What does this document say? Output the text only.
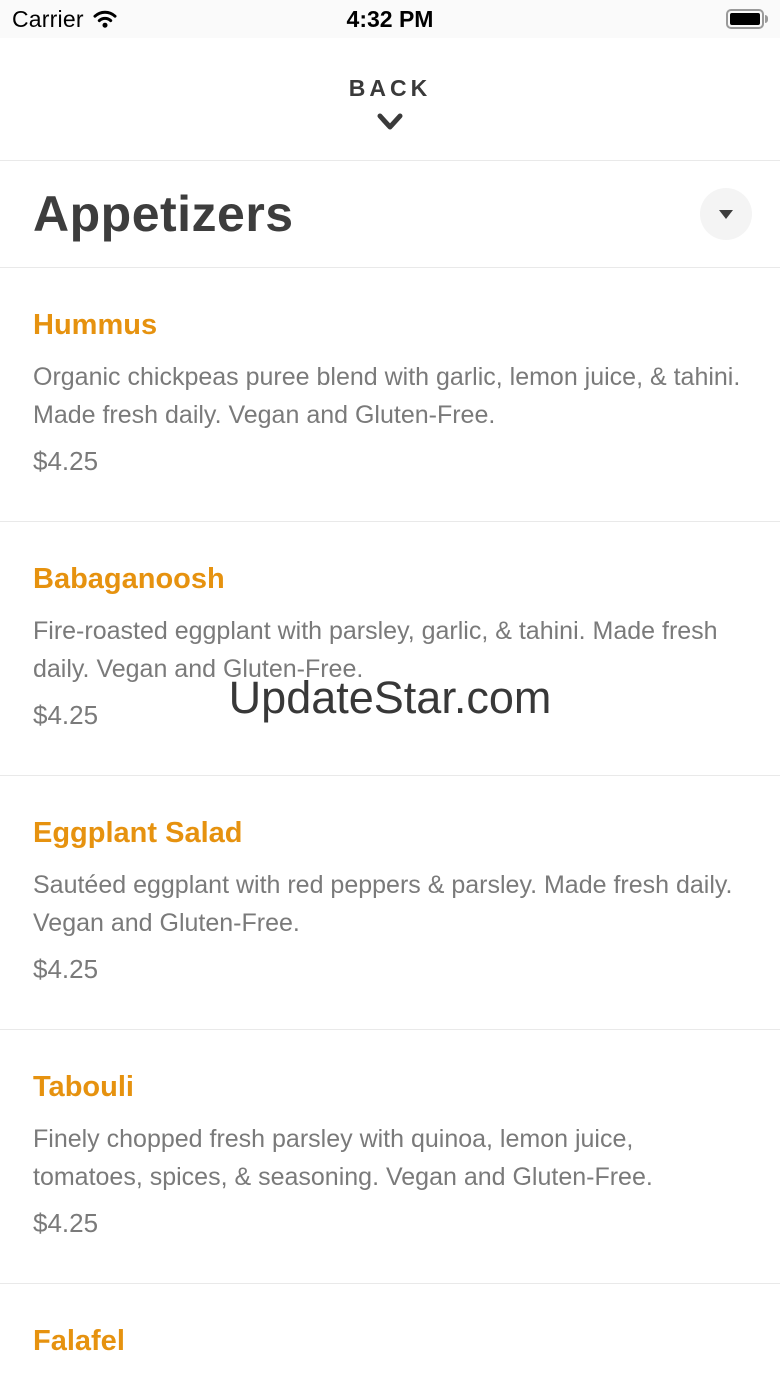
Carrier	4:32 PM
BACK
Appetizers
Hummus

Organic chickpeas puree blend with garlic, lemon juice, & tahini. Made fresh daily. Vegan and Gluten-Free.

$4.25

Babaganoosh

Fire-roasted eggplant with parsley, garlic, & tahini. Made fresh daily. Vegan and Gluten-Free.

$4.25

Eggplant Salad

Sautéed eggplant with red peppers & parsley. Made fresh daily. Vegan and Gluten-Free.

$4.25

Tabouli

Finely chopped fresh parsley with quinoa, lemon juice, tomatoes, spices, & seasoning. Vegan and Gluten-Free.

$4.25

Falafel
UpdateStar.com
